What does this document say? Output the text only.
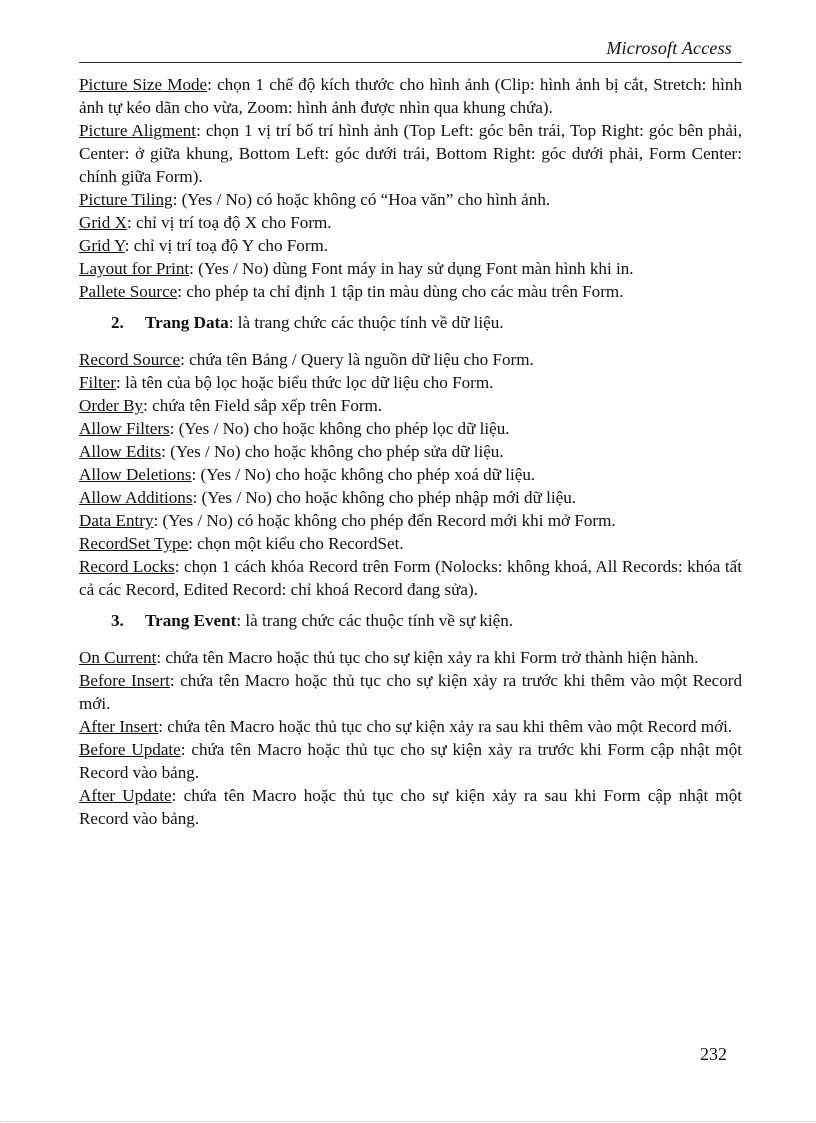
Microsoft Access

Picture Size Mode: chọn 1 chế độ kích thước cho hình ảnh (Clip: hình ảnh bị cắt, Stretch: hình ảnh tự kéo dãn cho vừa, Zoom: hình ảnh được nhìn qua khung chứa).

Picture Aligment: chọn 1 vị trí bố trí hình ảnh (Top Left: góc bên trái, Top Right: góc bên phải, Center: ở giữa khung, Bottom Left: góc dưới trái, Bottom Right: góc dưới phải, Form Center: chính giữa Form).

Picture Tiling: (Yes / No) có hoặc không có “Hoa văn” cho hình ảnh.

Grid X: chỉ vị trí toạ độ X cho Form.

Grid Y: chỉ vị trí toạ độ Y cho Form.

Layout for Print: (Yes / No) dùng Font máy in hay sử dụng Font màn hình khi in.

Pallete Source: cho phép ta chỉ định 1 tập tin màu dùng cho các màu trên Form.

2. Trang Data: là trang chức các thuộc tính về dữ liệu.

Record Source: chứa tên Bảng / Query là nguồn dữ liệu cho Form.

Filter: là tên của bộ lọc hoặc biểu thức lọc dữ liệu cho Form.

Order By: chứa tên Field sắp xếp trên Form.

Allow Filters: (Yes / No) cho hoặc không cho phép lọc dữ liệu.

Allow Edits: (Yes / No) cho hoặc không cho phép sửa dữ liệu.

Allow Deletions: (Yes / No) cho hoặc không cho phép xoá dữ liệu.

Allow Additions: (Yes / No) cho hoặc không cho phép nhập mới dữ liệu.

Data Entry: (Yes / No) có hoặc không cho phép đến Record mới khi mở Form.

RecordSet Type: chọn một kiểu cho RecordSet.

Record Locks: chọn 1 cách khóa Record trên Form (Nolocks: không khoá, All Records: khóa tất cả các Record, Edited Record: chỉ khoá Record đang sửa).

3. Trang Event: là trang chức các thuộc tính về sự kiện.

On Current: chứa tên Macro hoặc thủ tục cho sự kiện xảy ra khi Form trở thành hiện hành.

Before Insert: chứa tên Macro hoặc thủ tục cho sự kiện xảy ra trước khi thêm vào một Record mới.

After Insert: chứa tên Macro hoặc thủ tục cho sự kiện xảy ra sau khi thêm vào một Record mới.

Before Update: chứa tên Macro hoặc thủ tục cho sự kiện xảy ra trước khi Form cập nhật một Record vào bảng.

After Update: chứa tên Macro hoặc thủ tục cho sự kiện xảy ra sau khi Form cập nhật một Record vào bảng.

232
